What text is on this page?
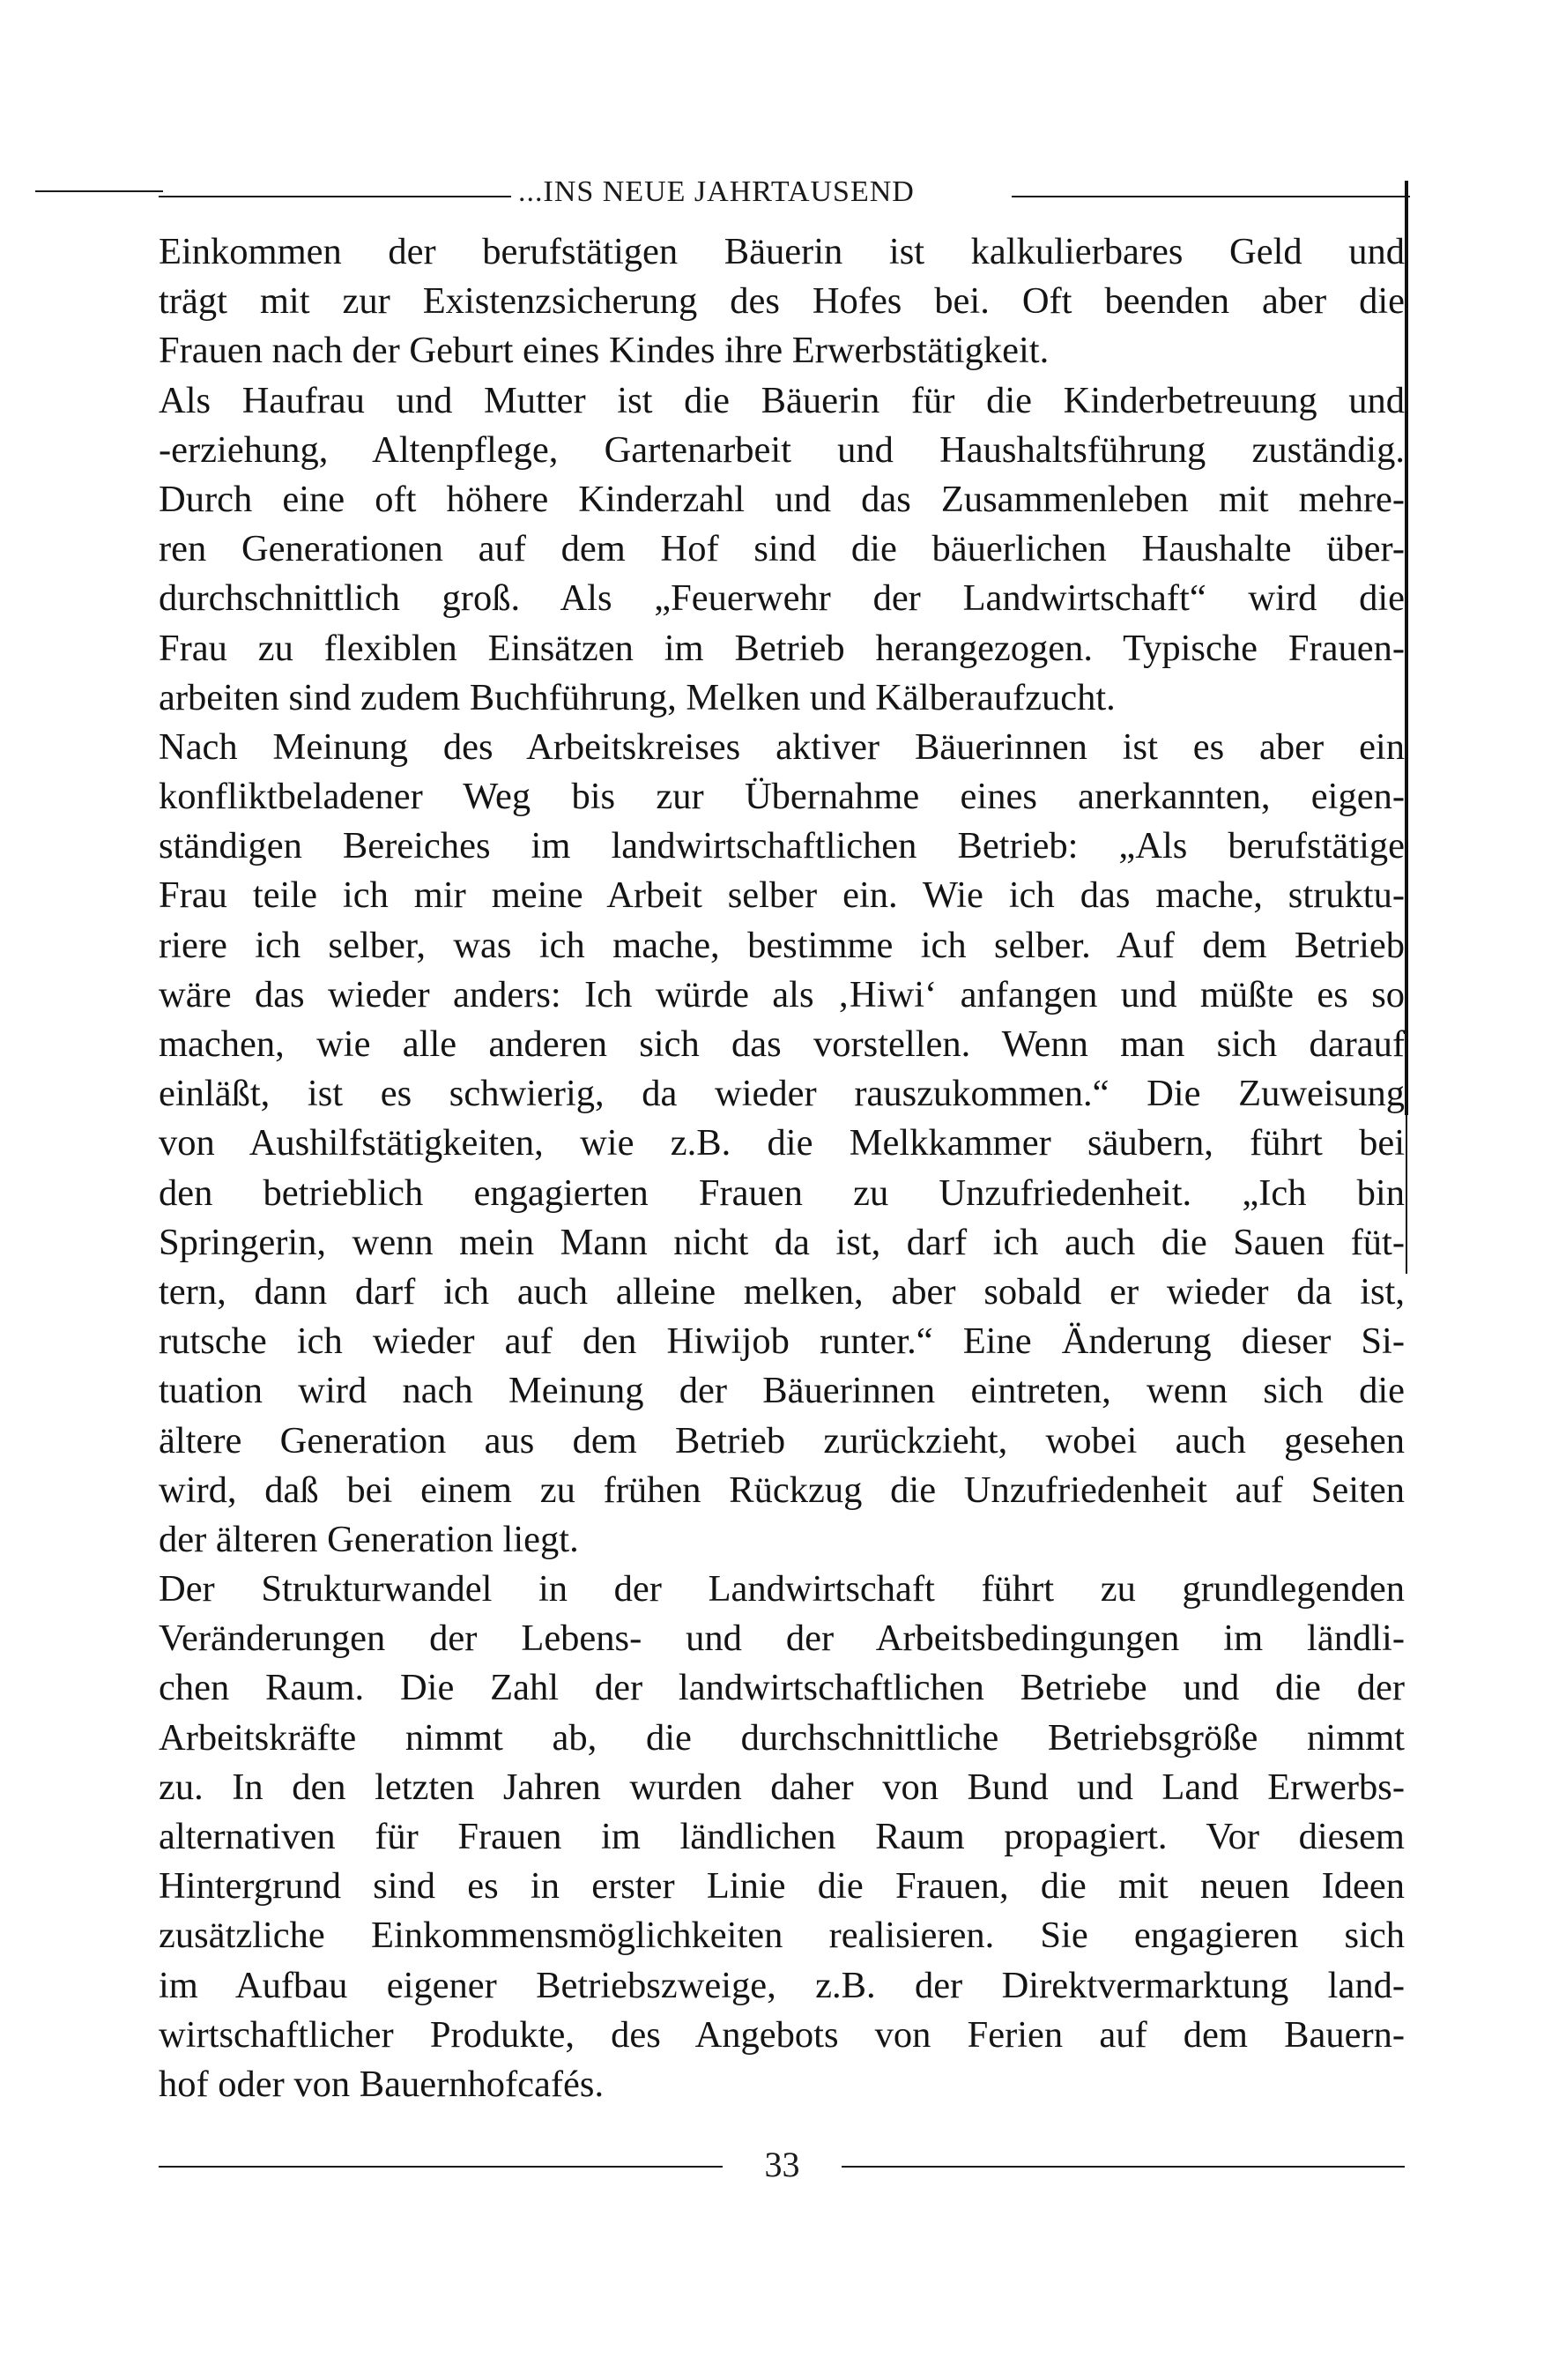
...INS NEUE JAHRTAUSEND
Einkommen der berufstätigen Bäuerin ist kalkulierbares Geld und
trägt mit zur Existenzsicherung des Hofes bei. Oft beenden aber die
Frauen nach der Geburt eines Kindes ihre Erwerbstätigkeit.
Als Haufrau und Mutter ist die Bäuerin für die Kinderbetreuung und
-erziehung, Altenpflege, Gartenarbeit und Haushaltsführung zuständig.
Durch eine oft höhere Kinderzahl und das Zusammenleben mit mehre-
ren Generationen auf dem Hof sind die bäuerlichen Haushalte über-
durchschnittlich groß. Als „Feuerwehr der Landwirtschaft“ wird die
Frau zu flexiblen Einsätzen im Betrieb herangezogen. Typische Frauen-
arbeiten sind zudem Buchführung, Melken und Kälberaufzucht.
Nach Meinung des Arbeitskreises aktiver Bäuerinnen ist es aber ein
konfliktbeladener Weg bis zur Übernahme eines anerkannten, eigen-
ständigen Bereiches im landwirtschaftlichen Betrieb: „Als berufstätige
Frau teile ich mir meine Arbeit selber ein. Wie ich das mache, struktu-
riere ich selber, was ich mache, bestimme ich selber. Auf dem Betrieb
wäre das wieder anders: Ich würde als ‚Hiwi‘ anfangen und müßte es so
machen, wie alle anderen sich das vorstellen. Wenn man sich darauf
einläßt, ist es schwierig, da wieder rauszukommen.“ Die Zuweisung
von Aushilfstätigkeiten, wie z.B. die Melkkammer säubern, führt bei
den betrieblich engagierten Frauen zu Unzufriedenheit. „Ich bin
Springerin, wenn mein Mann nicht da ist, darf ich auch die Sauen füt-
tern, dann darf ich auch alleine melken, aber sobald er wieder da ist,
rutsche ich wieder auf den Hiwijob runter.“ Eine Änderung dieser Si-
tuation wird nach Meinung der Bäuerinnen eintreten, wenn sich die
ältere Generation aus dem Betrieb zurückzieht, wobei auch gesehen
wird, daß bei einem zu frühen Rückzug die Unzufriedenheit auf Seiten
der älteren Generation liegt.
Der Strukturwandel in der Landwirtschaft führt zu grundlegenden
Veränderungen der Lebens- und der Arbeitsbedingungen im ländli-
chen Raum. Die Zahl der landwirtschaftlichen Betriebe und die der
Arbeitskräfte nimmt ab, die durchschnittliche Betriebsgröße nimmt
zu. In den letzten Jahren wurden daher von Bund und Land Erwerbs-
alternativen für Frauen im ländlichen Raum propagiert. Vor diesem
Hintergrund sind es in erster Linie die Frauen, die mit neuen Ideen
zusätzliche Einkommensmöglichkeiten realisieren. Sie engagieren sich
im Aufbau eigener Betriebszweige, z.B. der Direktvermarktung land-
wirtschaftlicher Produkte, des Angebots von Ferien auf dem Bauern-
hof oder von Bauernhofcafés.
33
